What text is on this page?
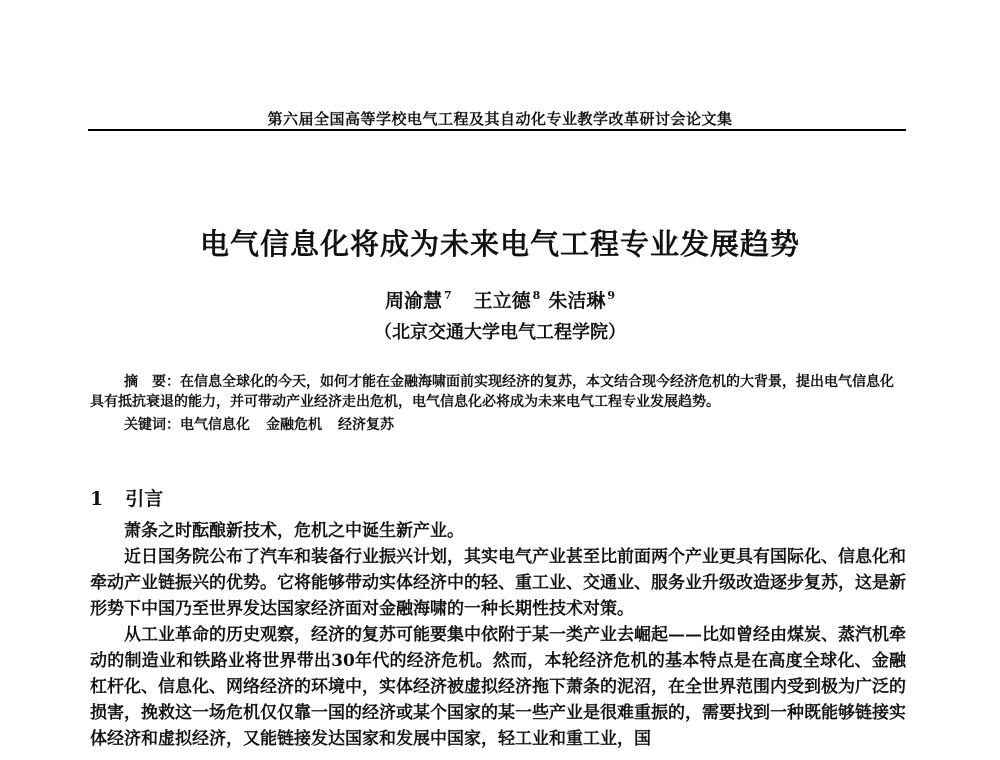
第六届全国高等学校电气工程及其自动化专业教学改革研讨会论文集
电气信息化将成为未来电气工程专业发展趋势
周渝慧 $^7$ 王立德 $^8$ 朱洁琳 $^9$
（北京交通大学电气工程学院）
摘　要：在信息全球化的今天，如何才能在金融海啸面前实现经济的复苏，本文结合现今经济危机的大背景，提出电气信息化具有抵抗衰退的能力，并可带动产业经济走出危机，电气信息化必将成为未来电气工程专业发展趋势。
关键词：电气信息化 金融危机 经济复苏
1 引言

萧条之时酝酿新技术，危机之中诞生新产业。

近日国务院公布了汽车和装备行业振兴计划，其实电气产业甚至比前面两个产业更具有国际化、信息化和牵动产业链振兴的优势。它将能够带动实体经济中的轻、重工业、交通业、服务业升级改造逐步复苏，这是新形势下中国乃至世界发达国家经济面对金融海啸的一种长期性技术对策。

从工业革命的历史观察，经济的复苏可能要集中依附于某一类产业去崛起——比如曾经由煤炭、蒸汽机牵动的制造业和铁路业将世界带出30年代的经济危机。然而，本轮经济危机的基本特点是在高度全球化、金融杠杆化、信息化、网络经济的环境中，实体经济被虚拟经济拖下萧条的泥沼，在全世界范围内受到极为广泛的损害，挽救这一场危机仅仅靠一国的经济或某个国家的某一些产业是很难重振的，需要找到一种既能够链接实体经济和虚拟经济，又能链接发达国家和发展中国家，轻工业和重工业，国
